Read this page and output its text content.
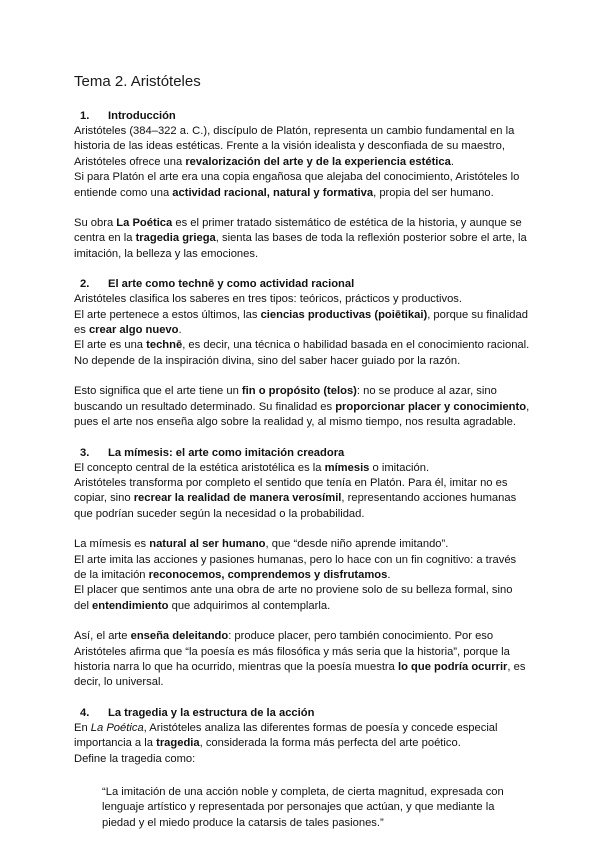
Tema 2. Aristóteles
1.	Introducción

Aristóteles (384–322 a. C.), discípulo de Platón, representa un cambio fundamental en la historia de las ideas estéticas. Frente a la visión idealista y desconfiada de su maestro, Aristóteles ofrece una revalorización del arte y de la experiencia estética.

Si para Platón el arte era una copia engañosa que alejaba del conocimiento, Aristóteles lo entiende como una actividad racional, natural y formativa, propia del ser humano.

Su obra La Poética es el primer tratado sistemático de estética de la historia, y aunque se centra en la tragedia griega, sienta las bases de toda la reflexión posterior sobre el arte, la imitación, la belleza y las emociones.

2.	El arte como technē y como actividad racional

Aristóteles clasifica los saberes en tres tipos: teóricos, prácticos y productivos.

El arte pertenece a estos últimos, las ciencias productivas (poiētikai), porque su finalidad es crear algo nuevo.

El arte es una technē, es decir, una técnica o habilidad basada en el conocimiento racional. No depende de la inspiración divina, sino del saber hacer guiado por la razón.

Esto significa que el arte tiene un fin o propósito (telos): no se produce al azar, sino buscando un resultado determinado. Su finalidad es proporcionar placer y conocimiento, pues el arte nos enseña algo sobre la realidad y, al mismo tiempo, nos resulta agradable.

3.	La mímesis: el arte como imitación creadora

El concepto central de la estética aristotélica es la mímesis o imitación.

Aristóteles transforma por completo el sentido que tenía en Platón. Para él, imitar no es copiar, sino recrear la realidad de manera verosímil, representando acciones humanas que podrían suceder según la necesidad o la probabilidad.

La mímesis es natural al ser humano, que “desde niño aprende imitando”.

El arte imita las acciones y pasiones humanas, pero lo hace con un fin cognitivo: a través de la imitación reconocemos, comprendemos y disfrutamos.

El placer que sentimos ante una obra de arte no proviene solo de su belleza formal, sino del entendimiento que adquirimos al contemplarla.

Así, el arte enseña deleitando: produce placer, pero también conocimiento. Por eso Aristóteles afirma que “la poesía es más filosófica y más seria que la historia”, porque la historia narra lo que ha ocurrido, mientras que la poesía muestra lo que podría ocurrir, es decir, lo universal.

4.	La tragedia y la estructura de la acción

En La Poética, Aristóteles analiza las diferentes formas de poesía y concede especial importancia a la tragedia, considerada la forma más perfecta del arte poético.

Define la tragedia como:

“La imitación de una acción noble y completa, de cierta magnitud, expresada con lenguaje artístico y representada por personajes que actúan, y que mediante la piedad y el miedo produce la catarsis de tales pasiones.”
